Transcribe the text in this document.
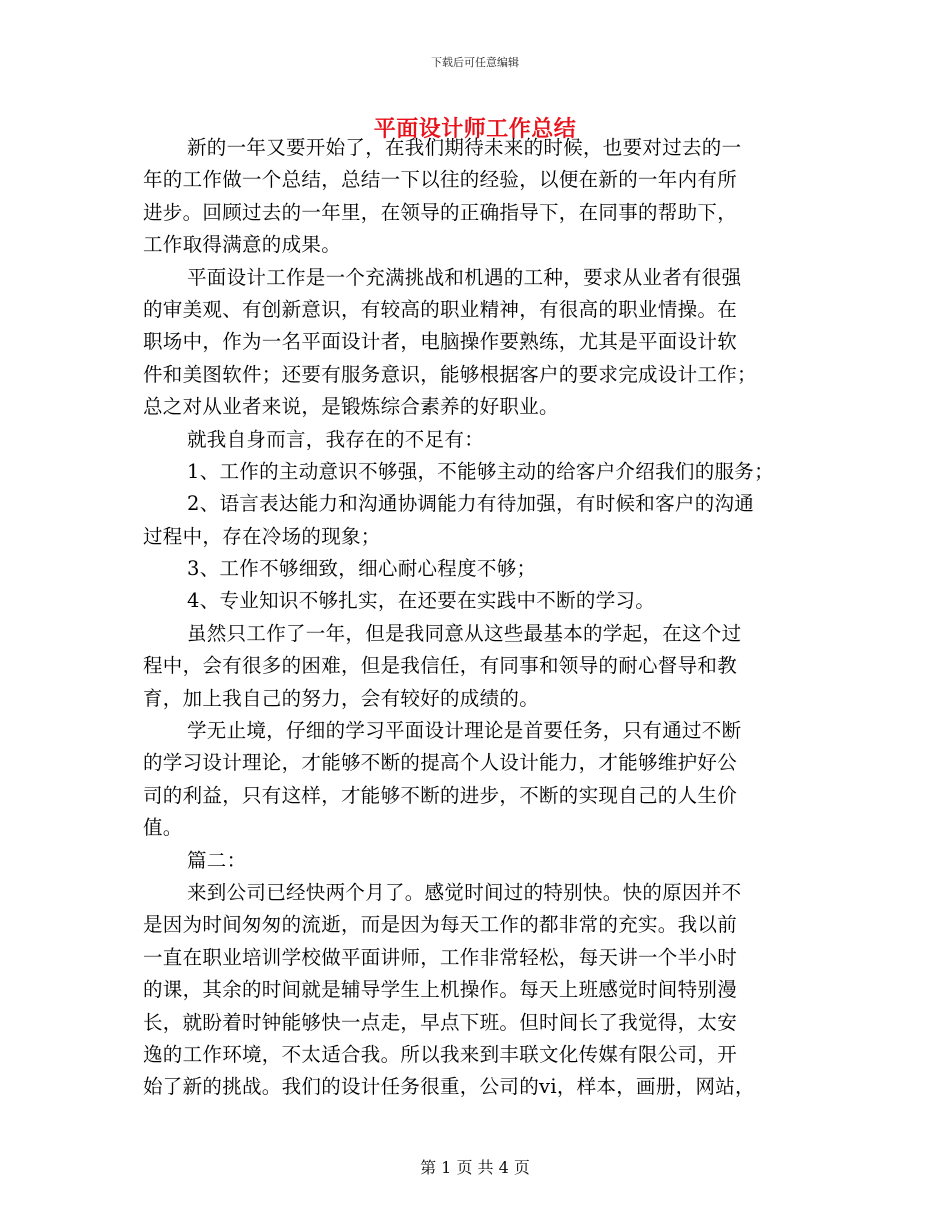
下载后可任意编辑
平面设计师工作总结
新的一年又要开始了，在我们期待未来的时候，也要对过去的一
年的工作做一个总结，总结一下以往的经验，以便在新的一年内有所
进步。回顾过去的一年里，在领导的正确指导下，在同事的帮助下，
工作取得满意的成果。
平面设计工作是一个充满挑战和机遇的工种，要求从业者有很强
的审美观、有创新意识，有较高的职业精神，有很高的职业情操。在
职场中，作为一名平面设计者，电脑操作要熟练，尤其是平面设计软
件和美图软件；还要有服务意识，能够根据客户的要求完成设计工作；
总之对从业者来说，是锻炼综合素养的好职业。
就我自身而言，我存在的不足有：
1、工作的主动意识不够强，不能够主动的给客户介绍我们的服务；
2、语言表达能力和沟通协调能力有待加强，有时候和客户的沟通
过程中，存在冷场的现象；
3、工作不够细致，细心耐心程度不够；
4、专业知识不够扎实，在还要在实践中不断的学习。
虽然只工作了一年，但是我同意从这些最基本的学起，在这个过
程中，会有很多的困难，但是我信任，有同事和领导的耐心督导和教
育，加上我自己的努力，会有较好的成绩的。
学无止境，仔细的学习平面设计理论是首要任务，只有通过不断
的学习设计理论，才能够不断的提高个人设计能力，才能够维护好公
司的利益，只有这样，才能够不断的进步，不断的实现自己的人生价
值。
篇二：
来到公司已经快两个月了。感觉时间过的特别快。快的原因并不
是因为时间匆匆的流逝，而是因为每天工作的都非常的充实。我以前
一直在职业培训学校做平面讲师，工作非常轻松，每天讲一个半小时
的课，其余的时间就是辅导学生上机操作。每天上班感觉时间特别漫
长，就盼着时钟能够快一点走，早点下班。但时间长了我觉得，太安
逸的工作环境，不太适合我。所以我来到丰联文化传媒有限公司，开
始了新的挑战。我们的设计任务很重，公司的vi，样本，画册，网站，
第 1 页 共 4 页
